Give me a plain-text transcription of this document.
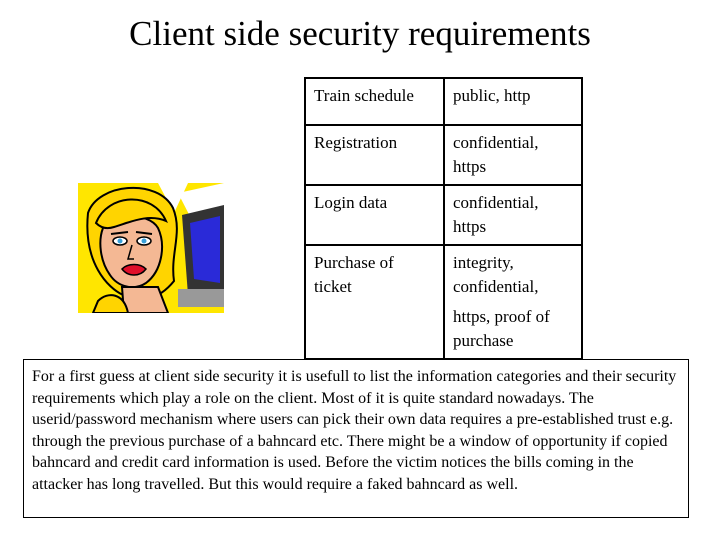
Client side security requirements
Train schedule	public, http
Registration	confidential, https
Login data	confidential, https
Purchase of ticket	integrity, confidential,
https, proof of purchase
For a first guess at client side security it is usefull to list the information categories and their security requirements which play a role on the client. Most of it is quite standard nowadays. The userid/password mechanism where users can pick their own data requires a pre-established trust e.g. through the previous purchase of a bahncard etc. There might be a window of opportunity if copied bahncard and credit card information is used. Before the victim notices the bills coming in the attacker has long travelled. But this would require a faked bahncard as well.
